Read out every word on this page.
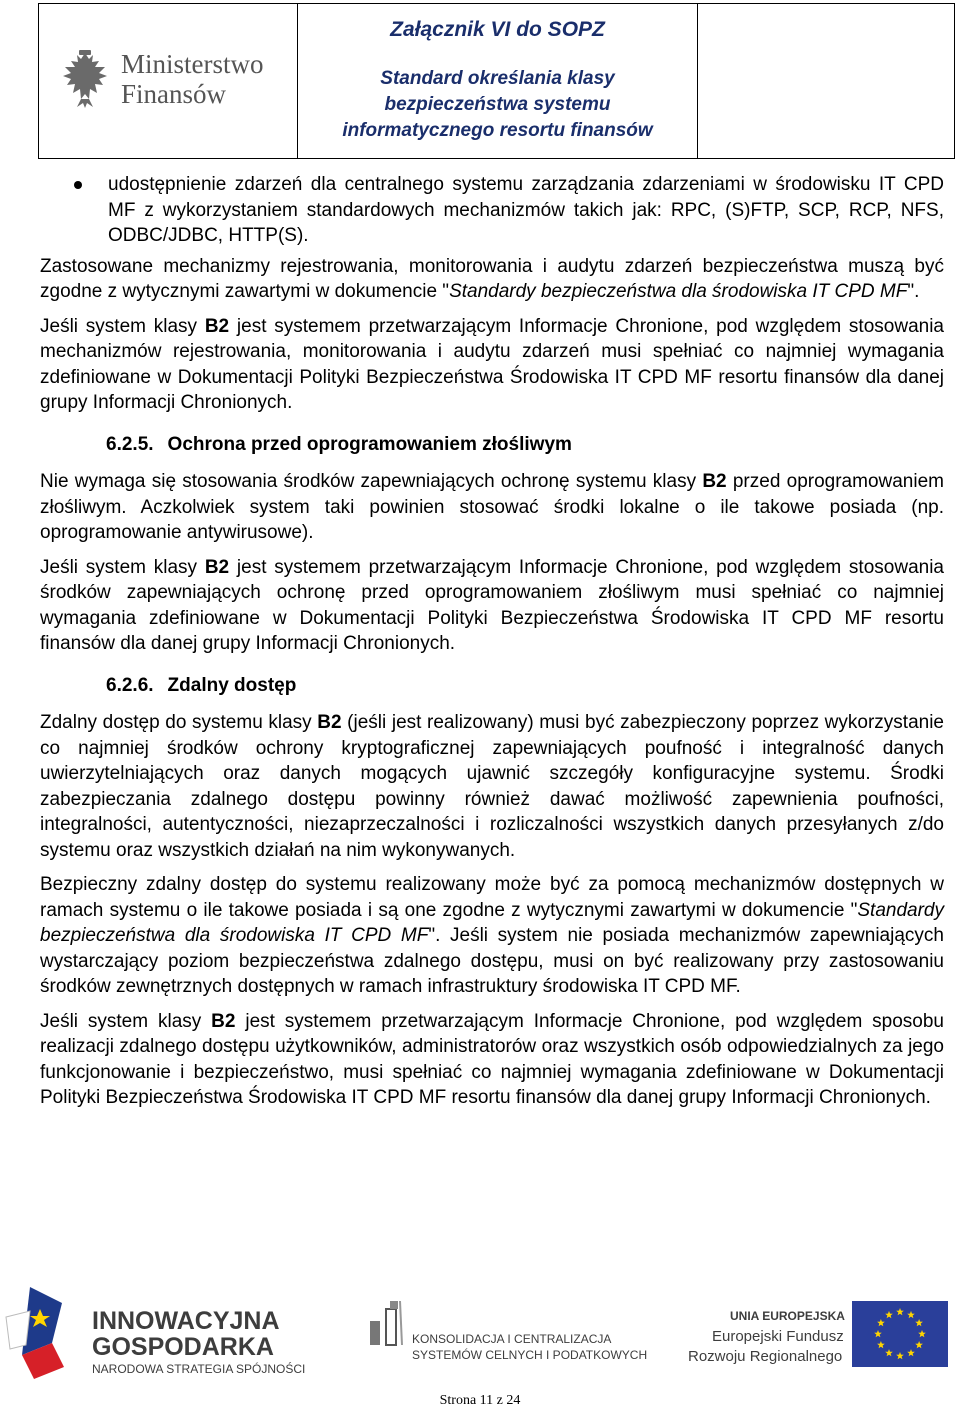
Ministerstwo
Finansów
Załącznik VI do SOPZ
Standard określania klasy
bezpieczeństwa systemu
informatycznego resortu finansów
udostępnienie zdarzeń dla centralnego systemu zarządzania zdarzeniami w środowisku IT CPD MF z wykorzystaniem standardowych mechanizmów takich jak: RPC, (S)FTP, SCP, RCP, NFS, ODBC/JDBC, HTTP(S).

Zastosowane mechanizmy rejestrowania, monitorowania i audytu zdarzeń bezpieczeństwa muszą być zgodne z wytycznymi zawartymi w dokumencie "Standardy bezpieczeństwa dla środowiska IT CPD MF".

Jeśli system klasy B2 jest systemem przetwarzającym Informacje Chronione, pod względem stosowania mechanizmów rejestrowania, monitorowania i audytu zdarzeń musi spełniać co najmniej wymagania zdefiniowane w Dokumentacji Polityki Bezpieczeństwa Środowiska IT CPD MF resortu finansów dla danej grupy Informacji Chronionych.

6.2.5. Ochrona przed oprogramowaniem złośliwym

Nie wymaga się stosowania środków zapewniających ochronę systemu klasy B2 przed oprogramowaniem złośliwym. Aczkolwiek system taki powinien stosować środki lokalne o ile takowe posiada (np. oprogramowanie antywirusowe).

Jeśli system klasy B2 jest systemem przetwarzającym Informacje Chronione, pod względem stosowania środków zapewniających ochronę przed oprogramowaniem złośliwym musi spełniać co najmniej wymagania zdefiniowane w Dokumentacji Polityki Bezpieczeństwa Środowiska IT CPD MF resortu finansów dla danej grupy Informacji Chronionych.

6.2.6. Zdalny dostęp

Zdalny dostęp do systemu klasy B2 (jeśli jest realizowany) musi być zabezpieczony poprzez wykorzystanie co najmniej środków ochrony kryptograficznej zapewniających poufność i integralność danych uwierzytelniających oraz danych mogących ujawnić szczegóły konfiguracyjne systemu. Środki zabezpieczania zdalnego dostępu powinny również dawać możliwość zapewnienia poufności, integralności, autentyczności, niezaprzeczalności i rozliczalności wszystkich danych przesyłanych z/do systemu oraz wszystkich działań na nim wykonywanych.

Bezpieczny zdalny dostęp do systemu realizowany może być za pomocą mechanizmów dostępnych w ramach systemu o ile takowe posiada i są one zgodne z wytycznymi zawartymi w dokumencie "Standardy bezpieczeństwa dla środowiska IT CPD MF". Jeśli system nie posiada mechanizmów zapewniających wystarczający poziom bezpieczeństwa zdalnego dostępu, musi on być realizowany przy zastosowaniu środków zewnętrznych dostępnych w ramach infrastruktury środowiska IT CPD MF.

Jeśli system klasy B2 jest systemem przetwarzającym Informacje Chronione, pod względem sposobu realizacji zdalnego dostępu użytkowników, administratorów oraz wszystkich osób odpowiedzialnych za jego funkcjonowanie i bezpieczeństwo, musi spełniać co najmniej wymagania zdefiniowane w Dokumentacji Polityki Bezpieczeństwa Środowiska IT CPD MF resortu finansów dla danej grupy Informacji Chronionych.

INNOWACYJNA
GOSPODARKA
NARODOWA STRATEGIA SPÓJNOŚCI
KONSOLIDACJA I CENTRALIZACJA
SYSTEMÓW CELNYCH I PODATKOWYCH
UNIA EUROPEJSKA
Europejski Fundusz
Rozwoju Regionalnego
Strona 11 z 24
